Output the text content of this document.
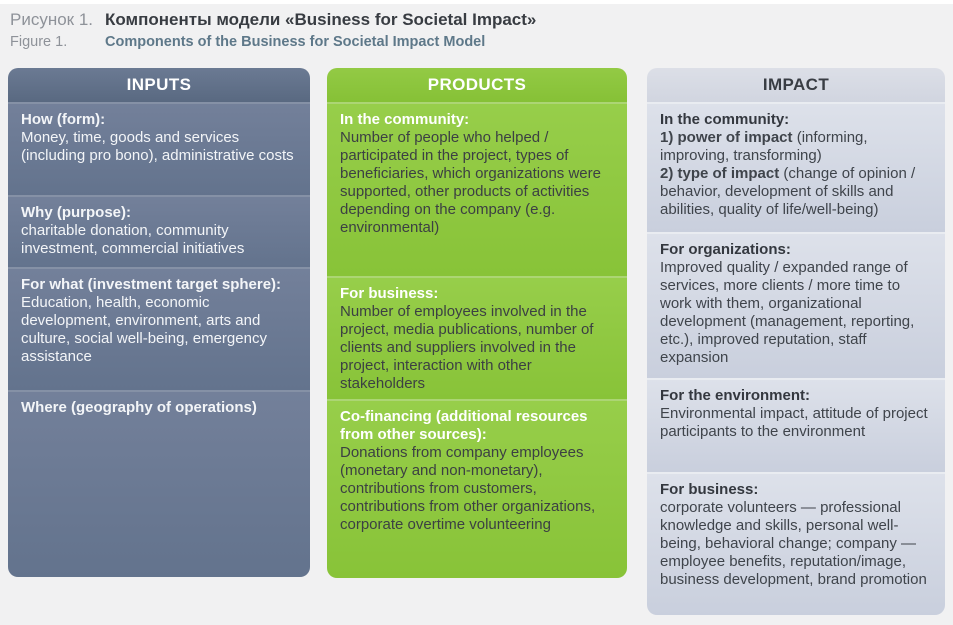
Рисунок 1. Компоненты модели «Business for Societal Impact»
Figure 1.	Components of the Business for Societal Impact Model
INPUTS
How (form):
Money, time, goods and services (including pro bono), administrative costs
Why (purpose):
charitable donation, community investment, commercial initiatives
For what (investment target sphere):
Education, health, economic development, environment, arts and culture, social well-being, emergency assistance
Where (geography of operations)
PRODUCTS
In the community:
Number of people who helped / participated in the project, types of beneficiaries, which organizations were supported, other products of activities depending on the company (e.g. environmental)
For business:
Number of employees involved in the project, media publications, number of clients and suppliers involved in the project, interaction with other stakeholders
Co-financing (additional resources from other sources):
Donations from company employees (monetary and non-monetary), contributions from customers, contributions from other organizations, corporate overtime volunteering
IMPACT
In the community:
1) power of impact (informing, improving, transforming)
2) type of impact (change of opinion / behavior, development of skills and abilities, quality of life/well-being)
For organizations:
Improved quality / expanded range of services, more clients / more time to work with them, organizational development (management, reporting, etc.), improved reputation, staff expansion
For the environment:
Environmental impact, attitude of project participants to the environment
For business:
corporate volunteers — professional knowledge and skills, personal well-being, behavioral change; company — employee benefits, reputation/image, business development, brand promotion
